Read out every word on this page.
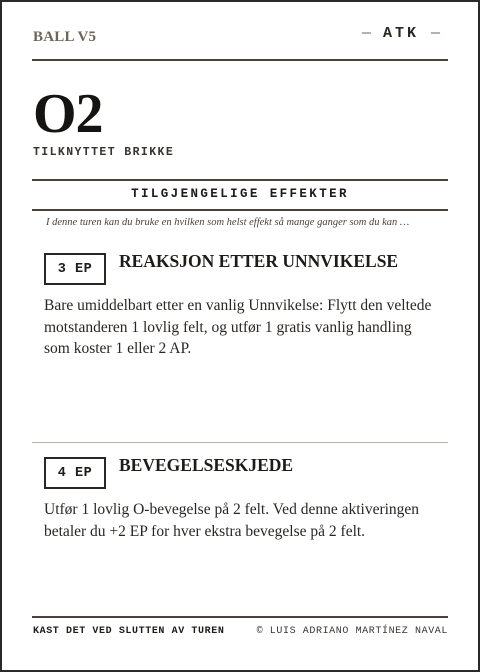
BALL V5	— ATK —
O2
TILKNYTTET BRIKKE
TILGJENGELIGE EFFEKTER
I denne turen kan du bruke en hvilken som helst effekt så mange ganger som du kan …
3 EP	REAKSJON ETTER UNNVIKELSE
Bare umiddelbart etter en vanlig Unnvikelse: Flytt den veltede motstanderen 1 lovlig felt, og utfør 1 gratis vanlig handling som koster 1 eller 2 AP.
4 EP	BEVEGELSESKJEDE
Utfør 1 lovlig O-bevegelse på 2 felt. Ved denne aktiveringen betaler du +2 EP for hver ekstra bevegelse på 2 felt.
KAST DET VED SLUTTEN AV TUREN	© LUIS ADRIANO MARTÍNEZ NAVAL
